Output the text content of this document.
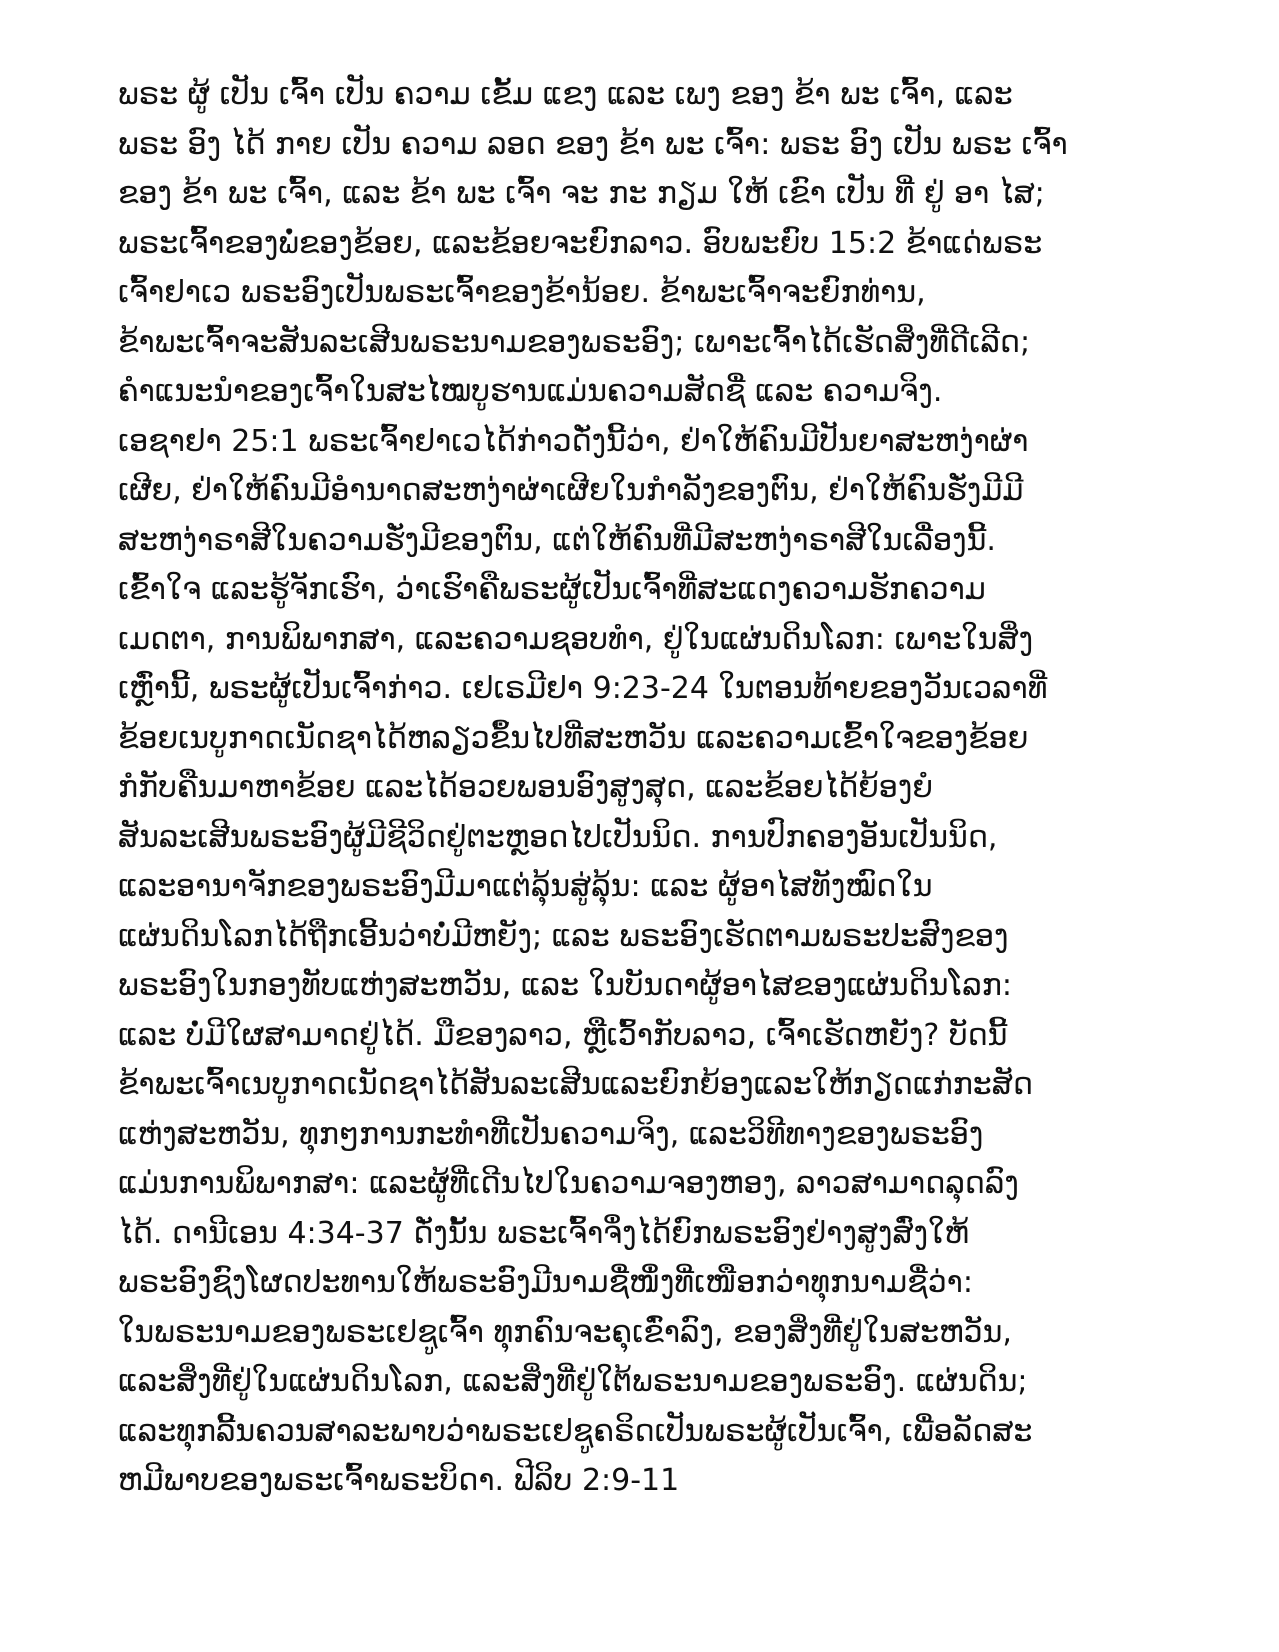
ພຣະ ຜູ້ ເປັນ ເຈົ້າ ເປັນ ຄວາມ ເຂັ້ມ ແຂງ ແລະ ເພງ ຂອງ ຂ້າ ພະ ເຈົ້າ, ແລະ
ພຣະ ອົງ ໄດ້ ກາຍ ເປັນ ຄວາມ ລອດ ຂອງ ຂ້າ ພະ ເຈົ້າ: ພຣະ ອົງ ເປັນ ພຣະ ເຈົ້າ
ຂອງ ຂ້າ ພະ ເຈົ້າ, ແລະ ຂ້າ ພະ ເຈົ້າ ຈະ ກະ ກຽມ ໃຫ້ ເຂົາ ເປັນ ທີ່ ຢູ່ ອາ ໄສ;
ພຣະເຈົ້າຂອງພໍ່ຂອງຂ້ອຍ, ແລະຂ້ອຍຈະຍົກລາວ. ອົບພະຍົບ 15:2 ຂ້າແດ່ພຣະ
ເຈົ້າຢາເວ ພຣະອົງເປັນພຣະເຈົ້າຂອງຂ້ານ້ອຍ. ຂ້າພະເຈົ້າຈະຍົກທ່ານ,
ຂ້າພະເຈົ້າຈະສັນລະເສີນພຣະນາມຂອງພຣະອົງ; ເພາະເຈົ້າໄດ້ເຮັດສິ່ງທີ່ດີເລີດ;
ຄໍາແນະນໍາຂອງເຈົ້າໃນສະໄໝບູຮານແມ່ນຄວາມສັດຊື່ ແລະ ຄວາມຈິງ.
ເອຊາຢາ 25:1 ພຣະເຈົ້າຢາເວໄດ້ກ່າວດັ່ງນີ້ວ່າ, ຢ່າໃຫ້ຄົນມີປັນຍາສະຫງ່າຜ່າ
ເຜີຍ, ຢ່າໃຫ້ຄົນມີອຳນາດສະຫງ່າຜ່າເຜີຍໃນກຳລັງຂອງຕົນ, ຢ່າໃຫ້ຄົນຮັ່ງມີມີ
ສະຫງ່າຣາສີໃນຄວາມຮັ່ງມີຂອງຕົນ, ແຕ່ໃຫ້ຄົນທີ່ມີສະຫງ່າຣາສີໃນເລື່ອງນີ້.
ເຂົ້າໃຈ ແລະຮູ້ຈັກເຮົາ, ວ່າເຮົາຄືພຣະຜູ້ເປັນເຈົ້າທີ່ສະແດງຄວາມຮັກຄວາມ
ເມດຕາ, ການພິພາກສາ, ແລະຄວາມຊອບທຳ, ຢູ່ໃນແຜ່ນດິນໂລກ: ເພາະໃນສິ່ງ
ເຫຼົ່ານີ້, ພຣະຜູ້ເປັນເຈົ້າກ່າວ. ເຢເຣມີຢາ 9:23-24 ໃນຕອນທ້າຍຂອງວັນເວລາທີ່
ຂ້ອຍເນບູກາດເນັດຊາໄດ້ຫລຽວຂຶ້ນໄປທີ່ສະຫວັນ ແລະຄວາມເຂົ້າໃຈຂອງຂ້ອຍ
ກໍກັບຄືນມາຫາຂ້ອຍ ແລະໄດ້ອວຍພອນອົງສູງສຸດ, ແລະຂ້ອຍໄດ້ຍ້ອງຍໍ
ສັນລະເສີນພຣະອົງຜູ້ມີຊີວິດຢູ່ຕະຫຼອດໄປເປັນນິດ. ການປົກຄອງອັນເປັນນິດ,
ແລະອານາຈັກຂອງພຣະອົງມີມາແຕ່ລຸ້ນສູ່ລຸ້ນ: ແລະ ຜູ້ອາໄສທັງໝົດໃນ
ແຜ່ນດິນໂລກໄດ້ຖືກເອີ້ນວ່າບໍ່ມີຫຍັງ; ແລະ ພຣະອົງເຮັດຕາມພຣະປະສົງຂອງ
ພຣະອົງໃນກອງທັບແຫ່ງສະຫວັນ, ແລະ ໃນບັນດາຜູ້ອາໄສຂອງແຜ່ນດິນໂລກ:
ແລະ ບໍ່ມີໃຜສາມາດຢູ່ໄດ້. ມືຂອງລາວ, ຫຼືເວົ້າກັບລາວ, ເຈົ້າເຮັດຫຍັງ? ບັດນີ້
ຂ້າພະເຈົ້າເນບູກາດເນັດຊາໄດ້ສັນລະເສີນແລະຍົກຍ້ອງແລະໃຫ້ກຽດແກ່ກະສັດ
ແຫ່ງສະຫວັນ, ທຸກໆການກະທຳທີ່ເປັນຄວາມຈິງ, ແລະວິທີທາງຂອງພຣະອົງ
ແມ່ນການພິພາກສາ: ແລະຜູ້ທີ່ເດີນໄປໃນຄວາມຈອງຫອງ, ລາວສາມາດລຸດລົງ
ໄດ້. ດານີເອນ 4:34-37 ດັ່ງນັ້ນ ພຣະເຈົ້າຈຶ່ງໄດ້ຍົກພຣະອົງຢ່າງສູງສົ່ງໃຫ້
ພຣະອົງຊົງໂຜດປະທານໃຫ້ພຣະອົງມີນາມຊື່ໜຶ່ງທີ່ເໜືອກວ່າທຸກນາມຊື່ວ່າ:
ໃນພຣະນາມຂອງພຣະເຢຊູເຈົ້າ ທຸກຄົນຈະຄຸເຂົ່າລົງ, ຂອງສິ່ງທີ່ຢູ່ໃນສະຫວັນ,
ແລະສິ່ງທີ່ຢູ່ໃນແຜ່ນດິນໂລກ, ແລະສິ່ງທີ່ຢູ່ໃຕ້ພຣະນາມຂອງພຣະອົງ. ແຜ່ນດິນ;
ແລະທຸກລີ້ນຄວນສາລະພາບວ່າພຣະເຢຊູຄຣິດເປັນພຣະຜູ້ເປັນເຈົ້າ, ເພື່ອລັດສະ
ຫມີພາບຂອງພຣະເຈົ້າພຣະບິດາ. ຟີລິບ 2:9-11
